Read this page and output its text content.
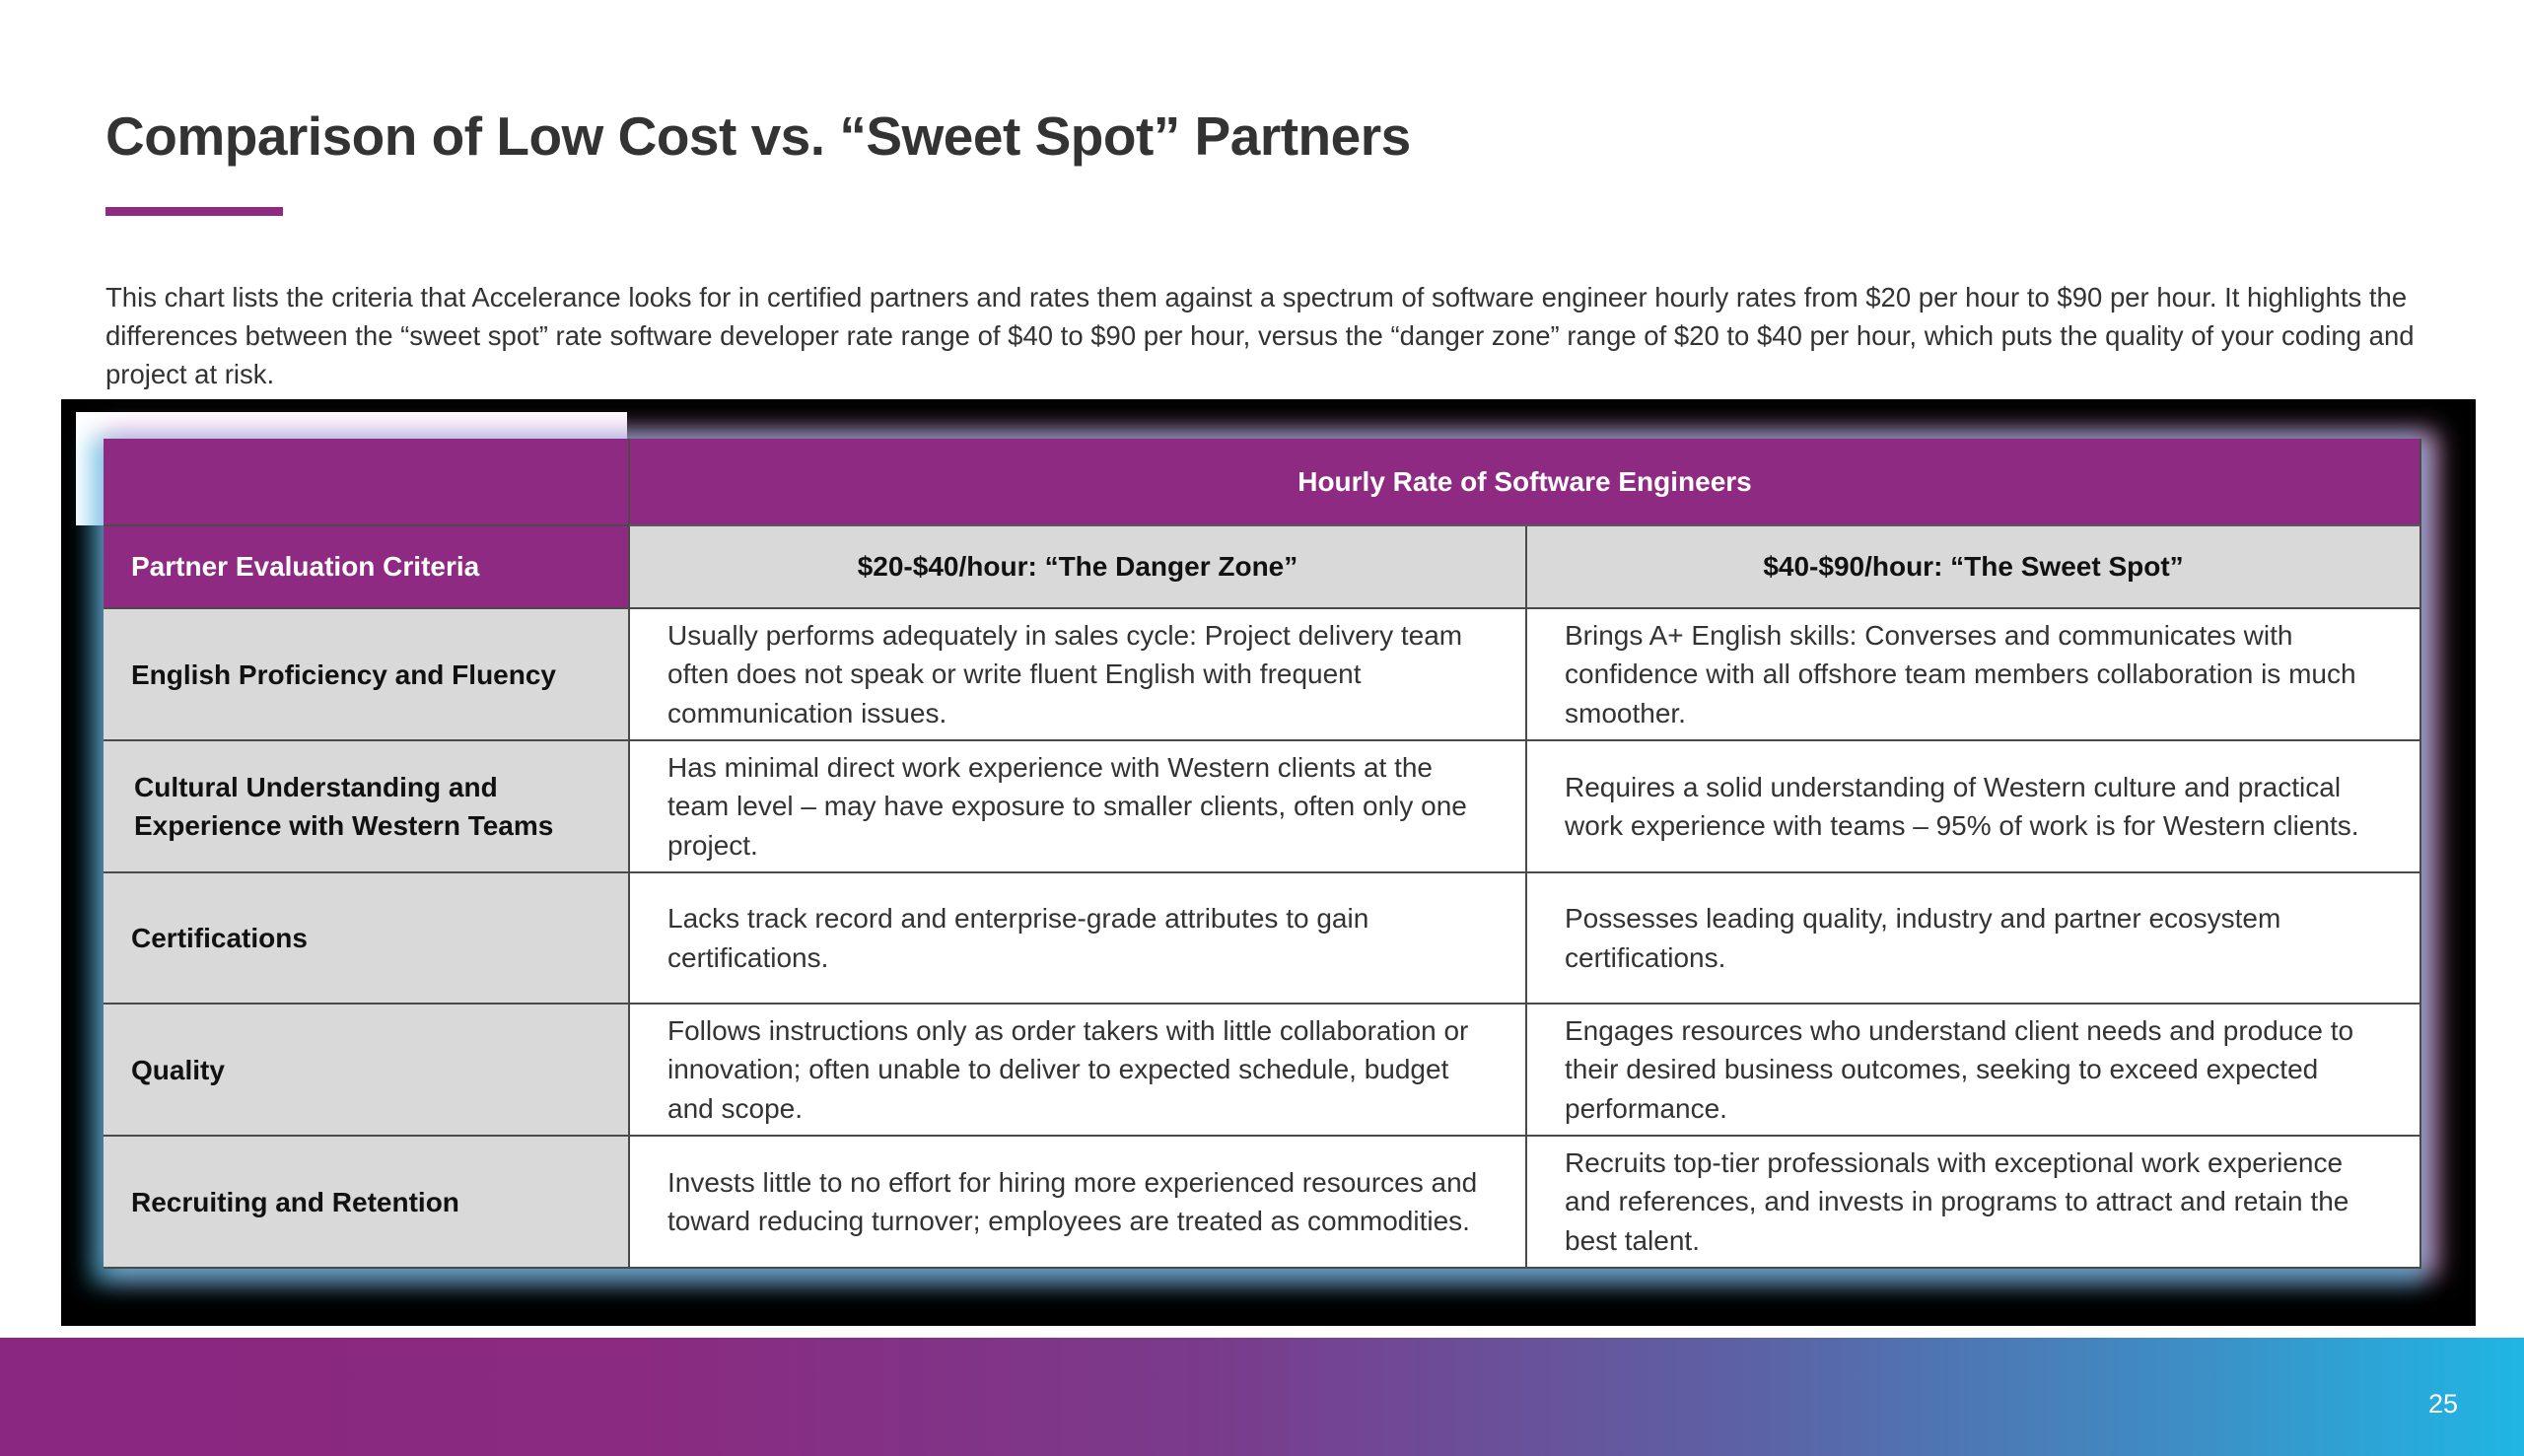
Comparison of Low Cost vs. “Sweet Spot” Partners

This chart lists the criteria that Accelerance looks for in certified partners and rates them against a spectrum of software engineer hourly rates from $20 per hour to $90 per hour. It highlights the differences between the “sweet spot” rate software developer rate range of $40 to $90 per hour, versus the “danger zone” range of $20 to $40 per hour, which puts the quality of your coding and project at risk.

Hourly Rate of Software Engineers
Partner Evaluation Criteria	$20-$40/hour: “The Danger Zone”	$40-$90/hour: “The Sweet Spot”
English Proficiency and Fluency
Usually performs adequately in sales cycle: Project delivery team often does not speak or write fluent English with frequent communication issues.
Brings A+ English skills: Converses and communicates with confidence with all offshore team members collaboration is much smoother.
Cultural Understanding and Experience with Western Teams
Has minimal direct work experience with Western clients at the team level – may have exposure to smaller clients, often only one project.
Requires a solid understanding of Western culture and practical work experience with teams – 95% of work is for Western clients.
Certifications
Lacks track record and enterprise-grade attributes to gain certifications.
Possesses leading quality, industry and partner ecosystem certifications.
Quality
Follows instructions only as order takers with little collaboration or innovation; often unable to deliver to expected schedule, budget and scope.
Engages resources who understand client needs and produce to their desired business outcomes, seeking to exceed expected performance.
Recruiting and Retention
Invests little to no effort for hiring more experienced resources and toward reducing turnover; employees are treated as commodities.
Recruits top-tier professionals with exceptional work experience and references, and invests in programs to attract and retain the best talent.
25
